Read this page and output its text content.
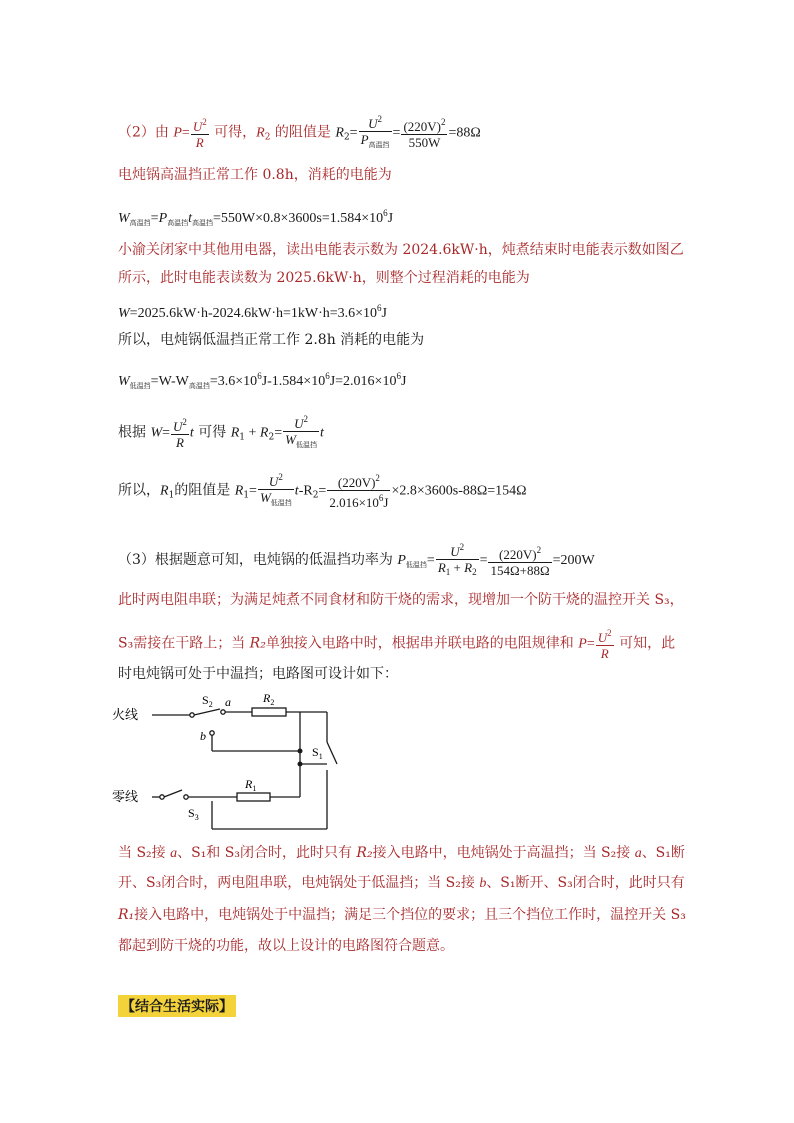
（2）由 $P= \frac{U^2}{R}$ 可得，$R_2$ 的阻值是 $R_2= \frac{U^2}{P_{高温挡}} = \frac{(220V)^2}{550W} =88\Omega$
电炖锅高温挡正常工作 0.8h，消耗的电能为
$W_{高温挡}=P_{高温挡}t_{高温挡}=550W\times 0.8\times 3600s=1.584\times 10^6J$
小渝关闭家中其他用电器，读出电能表示数为 2024.6kW·h，炖煮结束时电能表示数如图乙
所示，此时电能表读数为 2025.6kW·h，则整个过程消耗的电能为
$W=2025.6kW\cdot h-2024.6kW\cdot h=1kW\cdot h=3.6\times 10^6J$
所以，电炖锅低温挡正常工作 2.8h 消耗的电能为
$W_{低温挡}=W-W_{高温挡}=3.6\times 10^6J-1.584\times 10^6J=2.016\times 10^6J$
根据 $W= \frac{U^2}{R}$ t 可得 $R_1 + R_2= \frac{U^2}{W_{低温挡}}$ t
所以，$R_1$的阻值是 $R_1= \frac{U^2}{W_{低温挡}} t-R_2= \frac{(220V)^2}{2.016\times 10^6J} \times 2.8\times 3600s-88\Omega=154\Omega$
（3）根据题意可知，电炖锅的低温挡功率为 $P_{低温挡}= \frac{U^2}{R_1 + R_2} = \frac{(220V)^2}{154\Omega+88\Omega} =200W$
此时两电阻串联；为满足炖煮不同食材和防干烧的需求，现增加一个防干烧的温控开关 S₃，
S₃需接在干路上；当 R₂单独接入电路中时，根据串并联电路的电阻规律和 $P= \frac{U^2}{R}$ 可知，此
时电炖锅可处于中温挡；电路图可设计如下：
火线
零线
$S_2$ a
b
$R_2$
$R_1$
$S_1$
$S_3$
当 S₂接 a、S₁和 S₃闭合时，此时只有 R₂接入电路中，电炖锅处于高温挡；当 S₂接 a、S₁断
开、S₃闭合时，两电阻串联，电炖锅处于低温挡；当 S₂接 b、S₁断开、S₃闭合时，此时只有
R₁接入电路中，电炖锅处于中温挡；满足三个挡位的要求；且三个挡位工作时，温控开关 S₃
都起到防干烧的功能，故以上设计的电路图符合题意。
【结合生活实际】
